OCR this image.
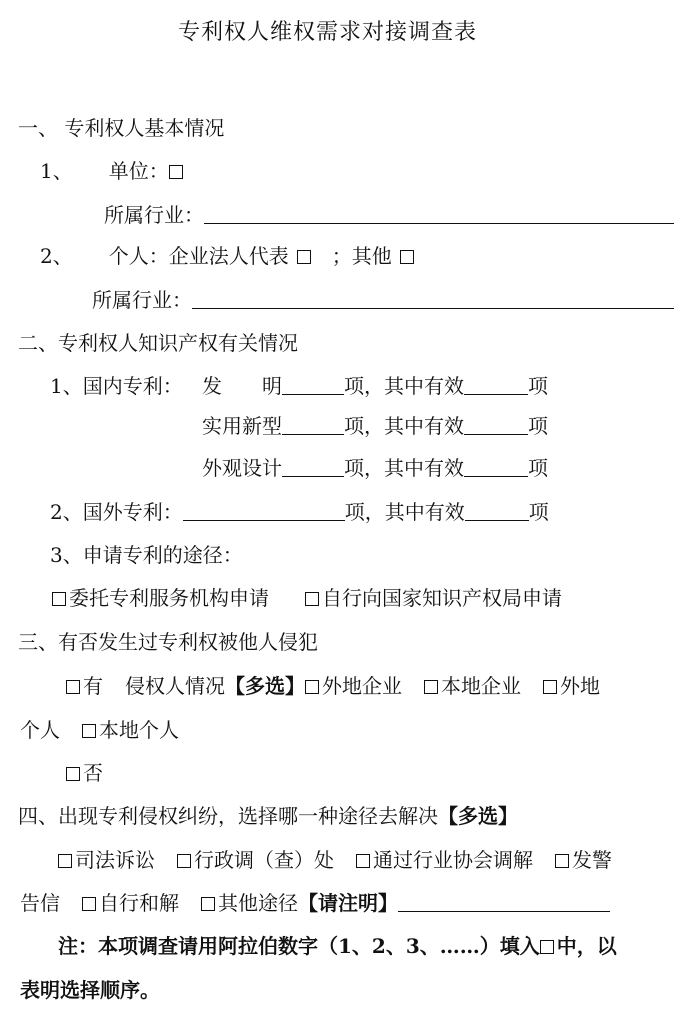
专利权人维权需求对接调查表
一、 专利权人基本情况
1、 单位：
所属行业：
2、 个人：企业法人代表 ；其他
所属行业：
二、专利权人知识产权有关情况
1、国内专利： 发　　明	项，其中有效	项
实用新型	项，其中有效	项
外观设计	项，其中有效	项
2、国外专利：	项，其中有效	项
3、申请专利的途径：
委托专利服务机构申请	自行向国家知识产权局申请
三、有否发生过专利权被他人侵犯
有 侵权人情况【多选】 外地企业 本地企业 外地
个人 本地个人
否
四、出现专利侵权纠纷，选择哪一种途径去解决【多选】
司法诉讼 行政调（查）处 通过行业协会调解 发警
告信 自行和解 其他途径【请注明】
注：本项调查请用阿拉伯数字（1、2、3、……）填入 中，以
表明选择顺序。
